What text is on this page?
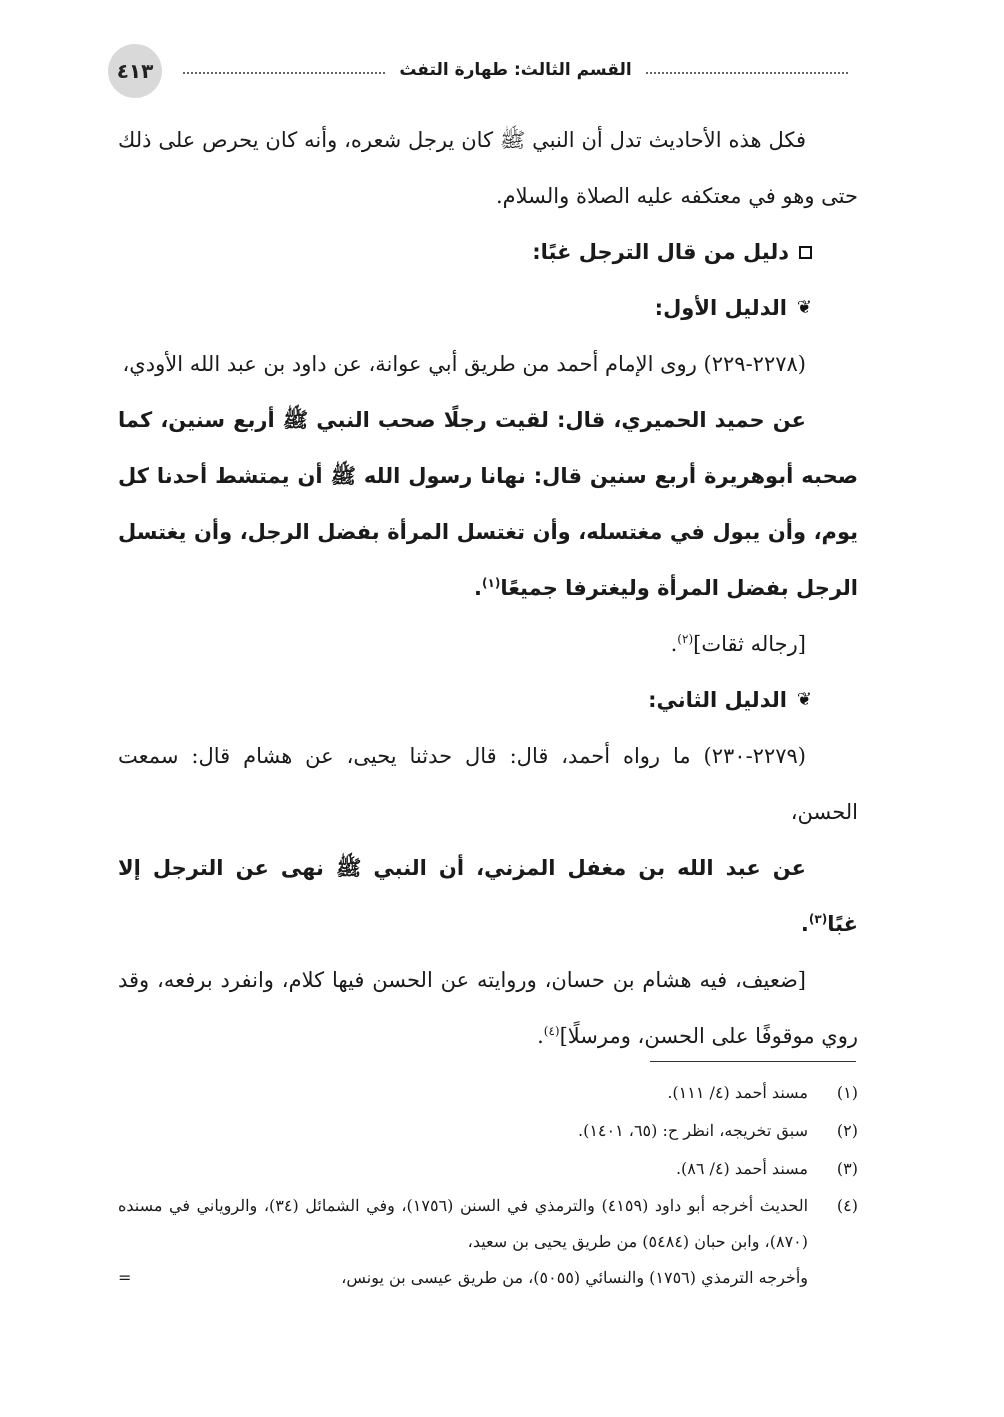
٤١٣	القسم الثالث: طهارة التفث

فكل هذه الأحاديث تدل أن النبي ﷺ كان يرجل شعره، وأنه كان يحرص على ذلك حتى وهو في معتكفه عليه الصلاة والسلام.

دليل من قال الترجل غبًا:

❦
الدليل الأول:

(٢٢٧٨-٢٢٩) روى الإمام أحمد من طريق أبي عوانة، عن داود بن عبد الله الأودي،

عن حميد الحميري، قال: لقيت رجلًا صحب النبي ﷺ أربع سنين، كما صحبه أبوهريرة أربع سنين قال: نهانا رسول الله ﷺ أن يمتشط أحدنا كل يوم، وأن يبول في مغتسله، وأن تغتسل المرأة بفضل الرجل، وأن يغتسل الرجل بفضل المرأة وليغترفا جميعًا$^{(١)}$.

[رجاله ثقات]$^{(٢)}$.

❦
الدليل الثاني:

(٢٢٧٩-٢٣٠) ما رواه أحمد، قال: قال حدثنا يحيى، عن هشام قال: سمعت الحسن،

عن عبد الله بن مغفل المزني، أن النبي ﷺ نهى عن الترجل إلا غبًا$^{(٣)}$.

[ضعيف، فيه هشام بن حسان، وروايته عن الحسن فيها كلام، وانفرد برفعه، وقد روي موقوفًا على الحسن، ومرسلًا]$^{(٤)}$.

(١)
مسند أحمد (٤/ ١١١).

(٢)
سبق تخريجه، انظر ح: (٦٥، ١٤٠١).

(٣)
مسند أحمد (٤/ ٨٦).

(٤)
الحديث أخرجه أبو داود (٤١٥٩) والترمذي في السنن (١٧٥٦)، وفي الشمائل (٣٤)، والروياني في مسنده (٨٧٠)، وابن حبان (٥٤٨٤) من طريق يحيى بن سعيد،

وأخرجه الترمذي (١٧٥٦) والنسائي (٥٠٥٥)، من طريق عيسى بن يونس،
=
